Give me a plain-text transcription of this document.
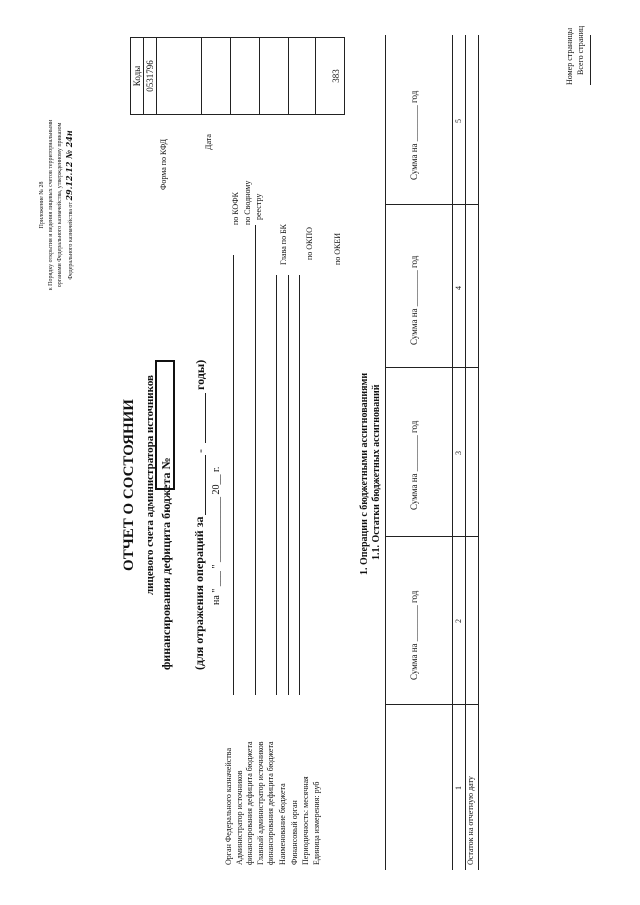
Приложение № 28 к Порядку открытия и ведения лицевых счетов территориальными органами Федерального казначейства, утвержденному приказом Федерального казначейства от 29.12.12 № 24н
Коды 0531796	383
Форма по КФД	Дата
по КОФК по Сводному реестру
Глава по БК по ОКПО по ОКЕИ
ОТЧЕТ О СОСТОЯНИИ лицевого счета администратора источников финансирования дефицита бюджета № (для отражения операций за
-
годы)
на " ___ " _____________ 20__ г.
Орган Федерального казначейства Администратор источников финансирования дефицита бюджета Главный администратор источников финансирования дефицита бюджета Наименование бюджета Финансовый орган Периодичность: месячная Единица измерения: руб
1. Операции с бюджетными ассигнованиями 1.1. Остатки бюджетных ассигнований
Сумма на ________ год
Сумма на ________ год
Сумма на ________ год
Сумма на ________ год
1
2
3
4
5
Остаток на отчетную дату
Номер страницы Всего страниц
